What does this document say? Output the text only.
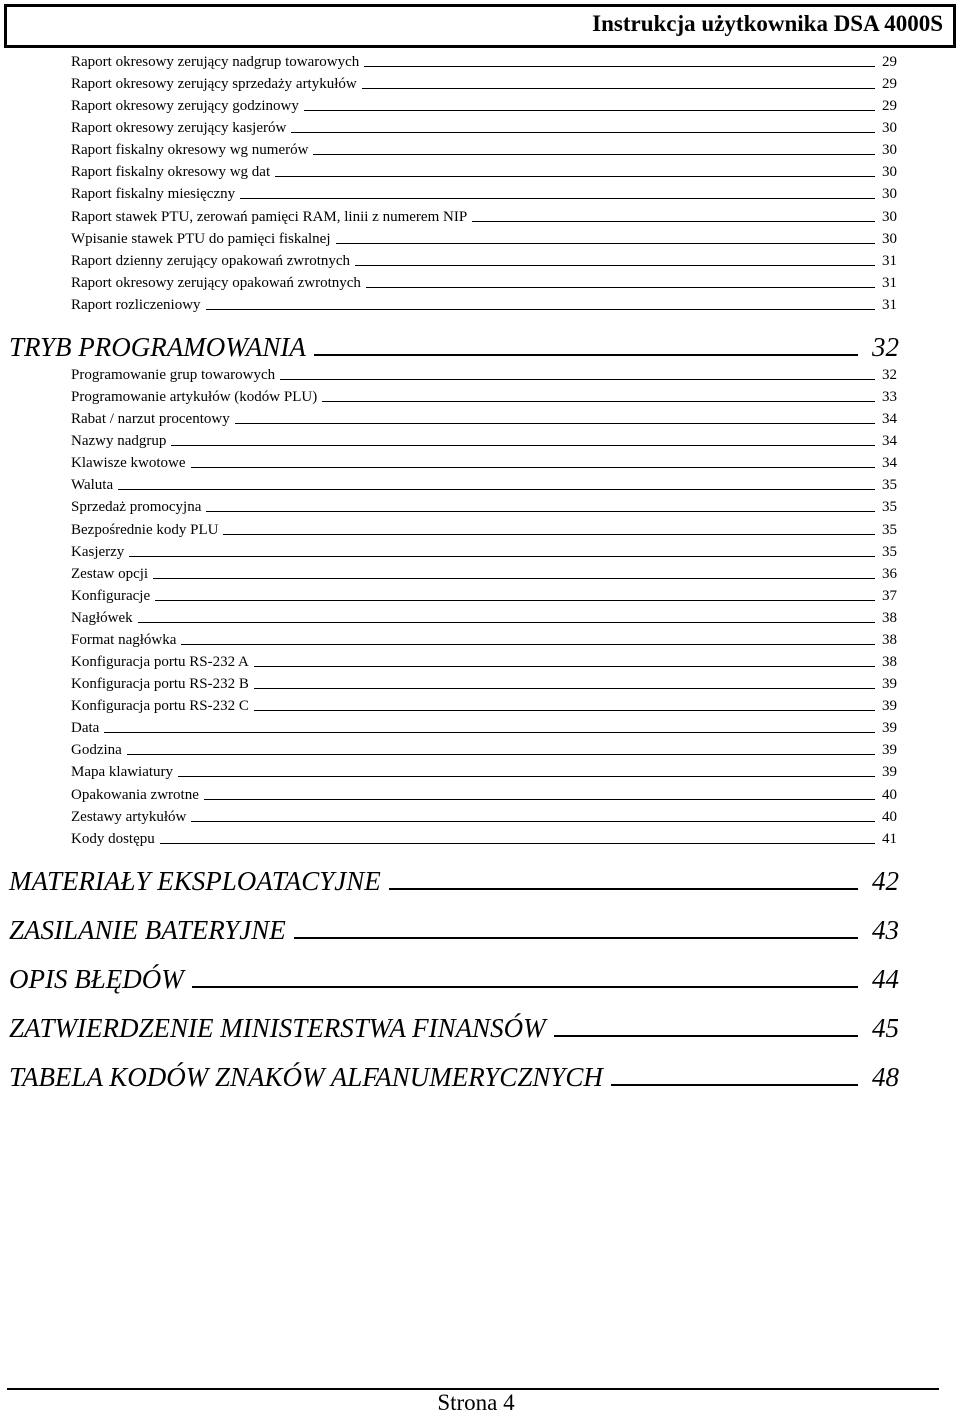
Instrukcja użytkownika DSA 4000S
Raport okresowy zerujący nadgrup towarowych	29
Raport okresowy zerujący sprzedaży artykułów	29
Raport okresowy zerujący godzinowy	29
Raport okresowy zerujący kasjerów	30
Raport fiskalny okresowy wg numerów	30
Raport fiskalny okresowy wg dat	30
Raport fiskalny miesięczny	30
Raport stawek PTU, zerowań pamięci RAM, linii z numerem NIP	30
Wpisanie stawek PTU do pamięci fiskalnej	30
Raport dzienny zerujący opakowań zwrotnych	31
Raport okresowy zerujący opakowań zwrotnych	31
Raport rozliczeniowy	31
TRYB PROGRAMOWANIA	32
Programowanie grup towarowych	32
Programowanie artykułów (kodów PLU)	33
Rabat / narzut procentowy	34
Nazwy nadgrup	34
Klawisze kwotowe	34
Waluta	35
Sprzedaż promocyjna	35
Bezpośrednie kody PLU	35
Kasjerzy	35
Zestaw opcji	36
Konfiguracje	37
Nagłówek	38
Format nagłówka	38
Konfiguracja portu RS-232 A	38
Konfiguracja portu RS-232 B	39
Konfiguracja portu RS-232 C	39
Data	39
Godzina	39
Mapa klawiatury	39
Opakowania zwrotne	40
Zestawy artykułów	40
Kody dostępu	41
MATERIAŁY EKSPLOATACYJNE	42
ZASILANIE BATERYJNE	43
OPIS BŁĘDÓW	44
ZATWIERDZENIE MINISTERSTWA FINANSÓW	45
TABELA KODÓW ZNAKÓW ALFANUMERYCZNYCH	48
Strona 4
